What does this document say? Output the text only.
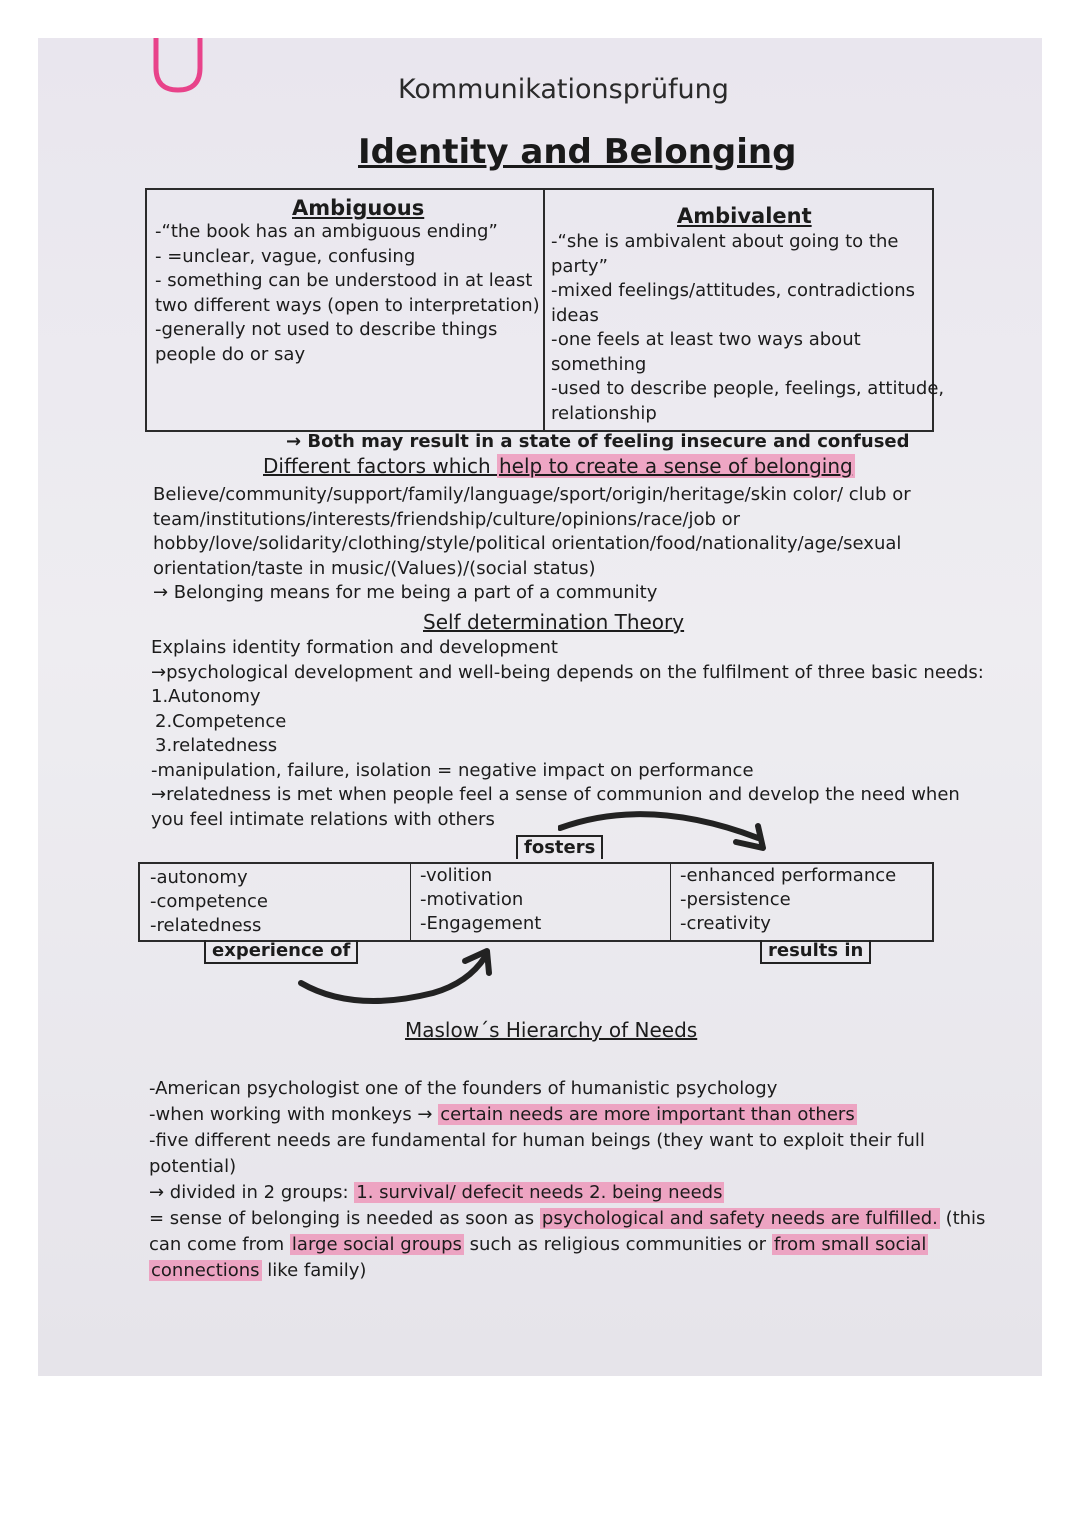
Kommunikationsprüfung
Identity and Belonging
Ambiguous
-“the book has an ambiguous ending”
- =unclear, vague, confusing
- something can be understood in at least
two different ways (open to interpretation)
-generally not used to describe things
people do or say
Ambivalent
-“she is ambivalent about going to the
party”
-mixed feelings/attitudes, contradictions
ideas
-one feels at least two ways about
something
-used to describe people, feelings, attitude,
relationship
→ Both may result in a state of feeling insecure and confused
Different factors which help to create a sense of belonging
Believe/community/support/family/language/sport/origin/heritage/skin color/ club or
team/institutions/interests/friendship/culture/opinions/race/job or
hobby/love/solidarity/clothing/style/political orientation/food/nationality/age/sexual
orientation/taste in music/(Values)/(social status)
→ Belonging means for me being a part of a community
Self determination Theory
Explains identity formation and development
→psychological development and well-being depends on the fulfilment of three basic needs:
1.Autonomy
2.Competence
3.relatedness
-manipulation, failure, isolation = negative impact on performance
→relatedness is met when people feel a sense of communion and develop the need when
you feel intimate relations with others
fosters
-autonomy
-competence
-relatedness
-volition
-motivation
-Engagement
-enhanced performance
-persistence
-creativity
experience of	results in
Maslow´s Hierarchy of Needs
-American psychologist one of the founders of humanistic psychology
-when working with monkeys → certain needs are more important than others
-five different needs are fundamental for human beings (they want to exploit their full
potential)
→ divided in 2 groups: 1. survival/ defecit needs 2. being needs
= sense of belonging is needed as soon as psychological and safety needs are fulfilled. (this
can come from large social groups such as religious communities or from small social
connections like family)
